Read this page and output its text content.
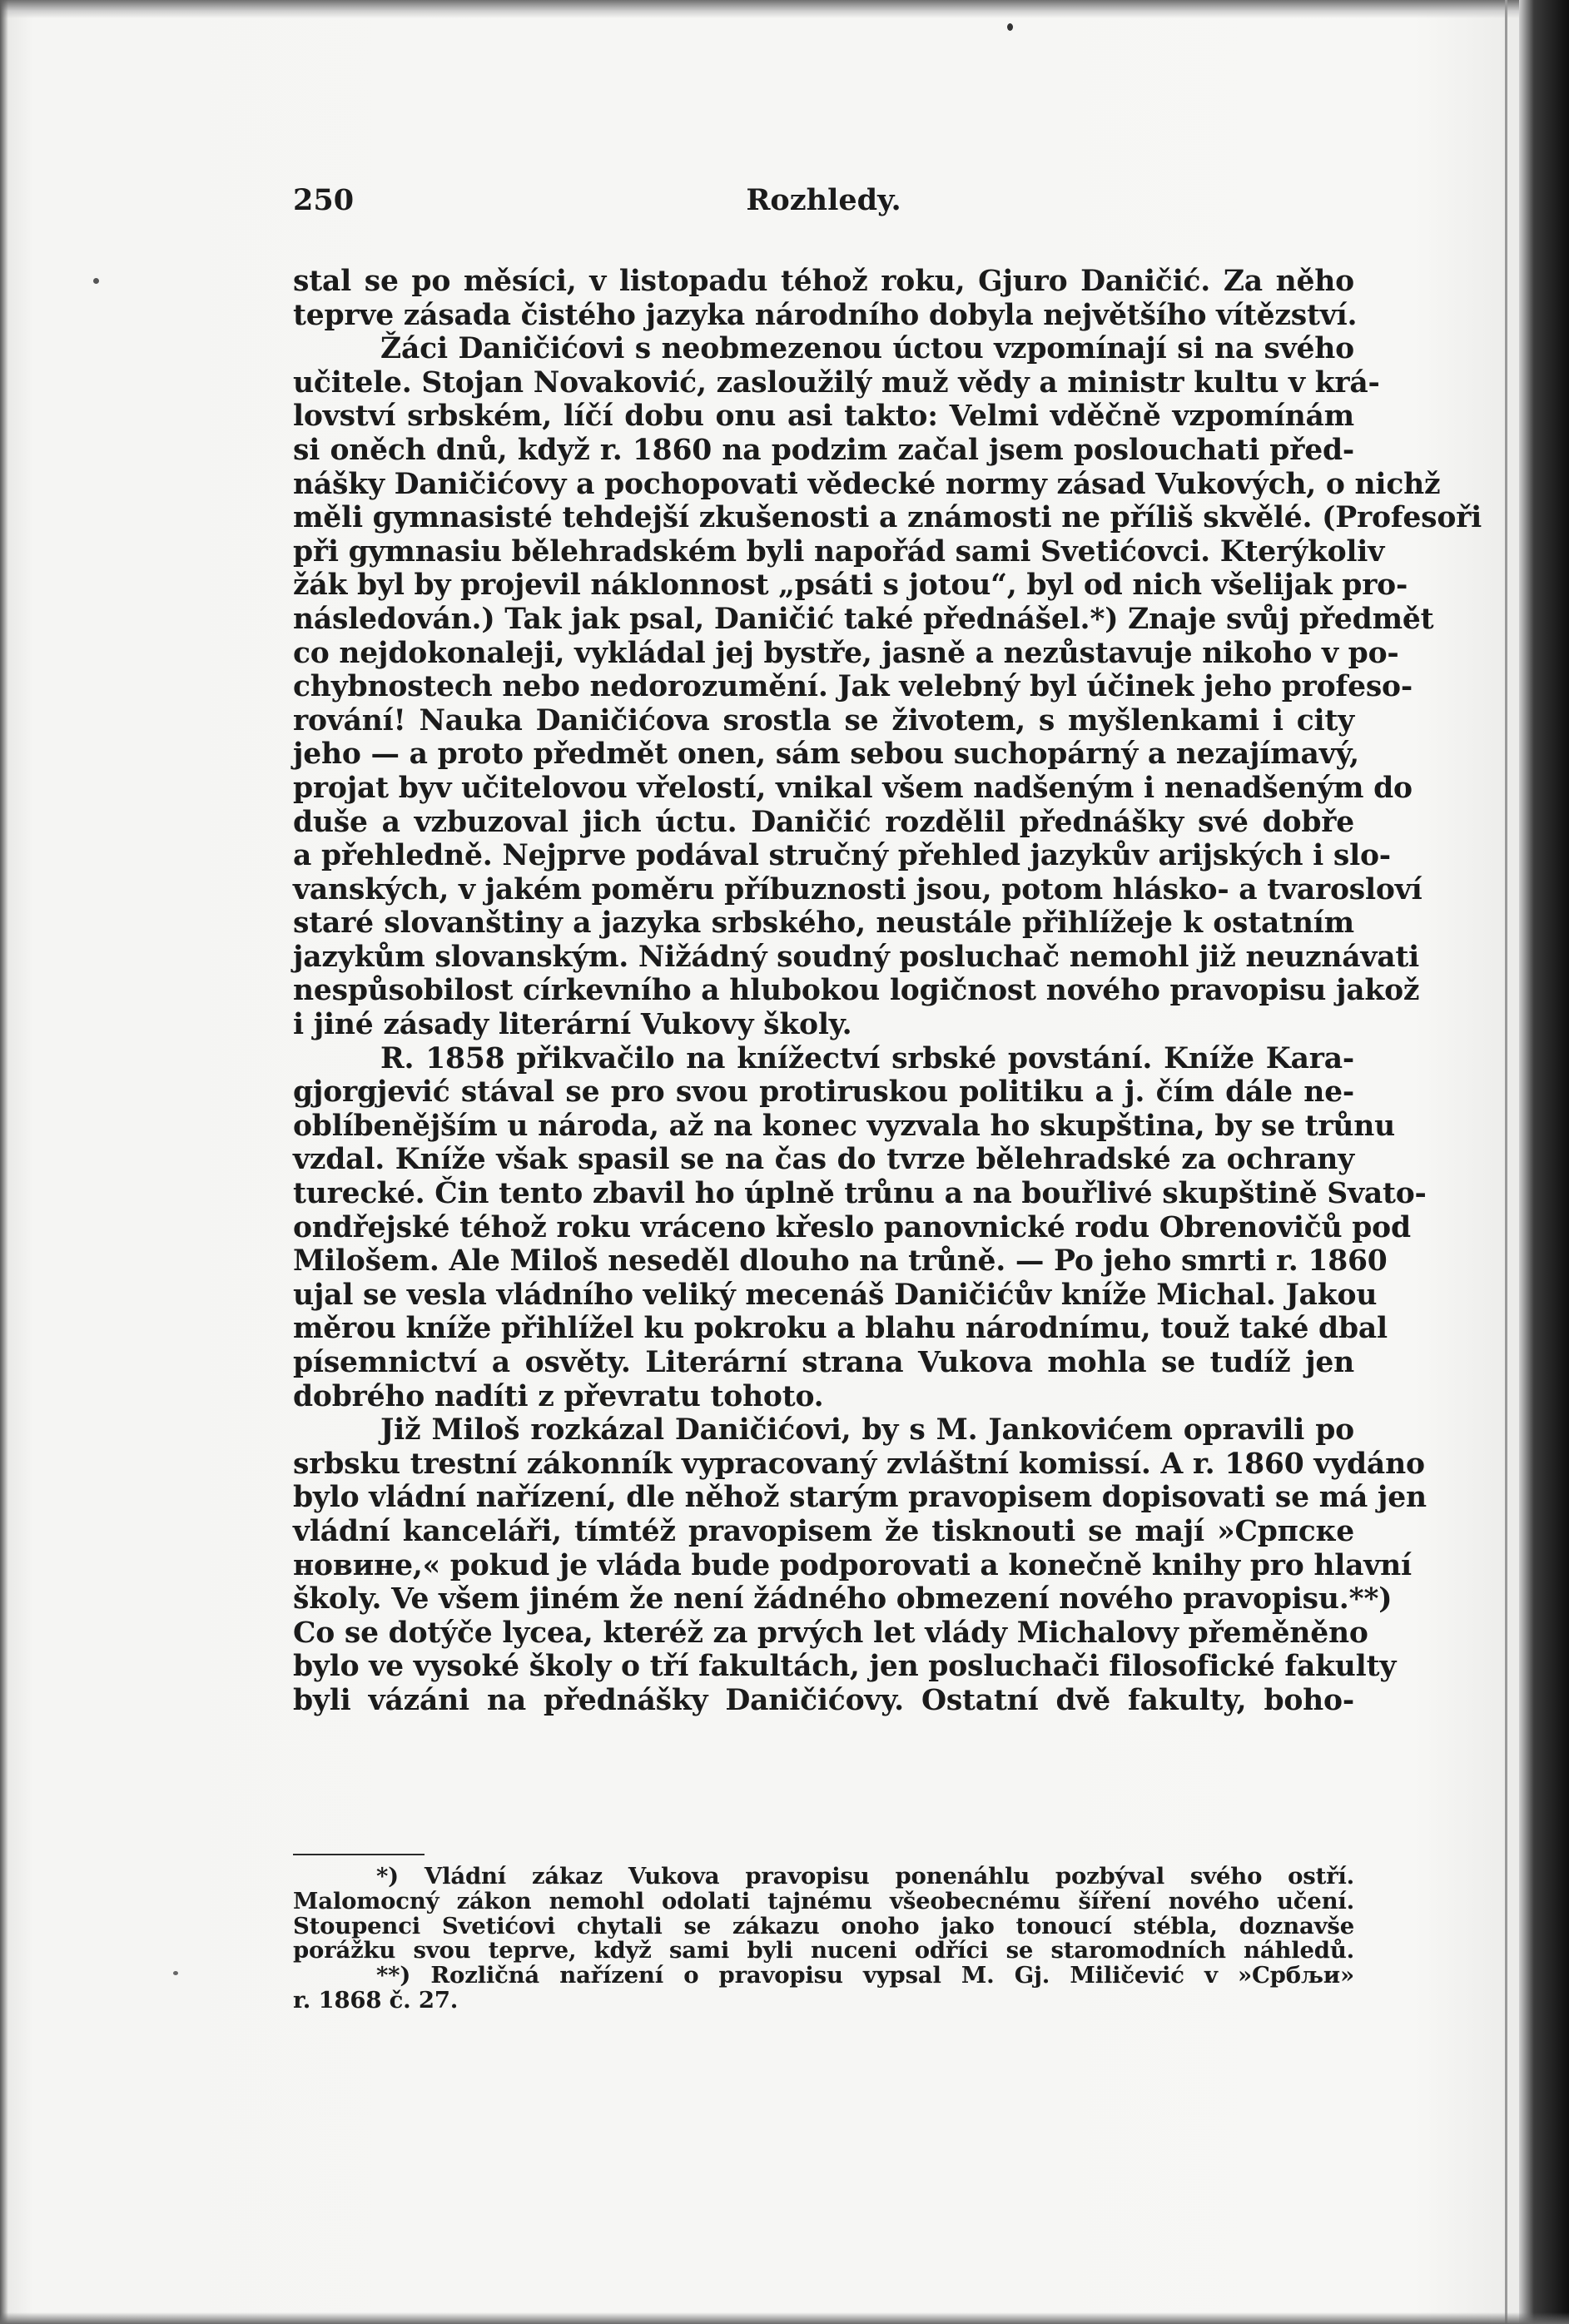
250	Rozhledy.
stal se po měsíci, v listopadu téhož roku, Gjuro Daničić. Za něho
teprve zásada čistého jazyka národního dobyla největšího vítězství.
Žáci Daničićovi s neobmezenou úctou vzpomínají si na svého
učitele. Stojan Novaković, zasloužilý muž vědy a ministr kultu v krá-
lovství srbském, líčí dobu onu asi takto: Velmi vděčně vzpomínám
si oněch dnů, když r. 1860 na podzim začal jsem poslouchati před-
nášky Daničićovy a pochopovati vědecké normy zásad Vukových, o nichž
měli gymnasisté tehdejší zkušenosti a známosti ne příliš skvělé. (Profesoři
při gymnasiu bělehradském byli napořád sami Svetićovci. Kterýkoliv
žák byl by projevil náklonnost „psáti s jotou“, byl od nich všelijak pro-
následován.) Tak jak psal, Daničić také přednášel.*) Znaje svůj předmět
co nejdokonaleji, vykládal jej bystře, jasně a nezůstavuje nikoho v po-
chybnostech nebo nedorozumění. Jak velebný byl účinek jeho profeso-
rování! Nauka Daničićova srostla se životem, s myšlenkami i city
jeho — a proto předmět onen, sám sebou suchopárný a nezajímavý,
projat byv učitelovou vřelostí, vnikal všem nadšeným i nenadšeným do
duše a vzbuzoval jich úctu. Daničić rozdělil přednášky své dobře
a přehledně. Nejprve podával stručný přehled jazykův arijských i slo-
vanských, v jakém poměru příbuznosti jsou, potom hlásko- a tvarosloví
staré slovanštiny a jazyka srbského, neustále přihlížeje k ostatním
jazykům slovanským. Nižádný soudný posluchač nemohl již neuznávati
nespůsobilost církevního a hlubokou logičnost nového pravopisu jakož
i jiné zásady literární Vukovy školy.
R. 1858 přikvačilo na knížectví srbské povstání. Kníže Kara-
gjorgjević stával se pro svou protiruskou politiku a j. čím dále ne-
oblíbenějším u národa, až na konec vyzvala ho skupština, by se trůnu
vzdal. Kníže však spasil se na čas do tvrze bělehradské za ochrany
turecké. Čin tento zbavil ho úplně trůnu a na bouřlivé skupštině Svato-
ondřejské téhož roku vráceno křeslo panovnické rodu Obrenovičů pod
Milošem. Ale Miloš neseděl dlouho na trůně. — Po jeho smrti r. 1860
ujal se vesla vládního veliký mecenáš Daničićův kníže Michal. Jakou
měrou kníže přihlížel ku pokroku a blahu národnímu, touž také dbal
písemnictví a osvěty. Literární strana Vukova mohla se tudíž jen
dobrého nadíti z převratu tohoto.
Již Miloš rozkázal Daničićovi, by s M. Jankovićem opravili po
srbsku trestní zákonník vypracovaný zvláštní komissí. A r. 1860 vydáno
bylo vládní nařízení, dle něhož starým pravopisem dopisovati se má jen
vládní kanceláři, tímtéž pravopisem že tisknouti se mají »Српске
новине,« pokud je vláda bude podporovati a konečně knihy pro hlavní
školy. Ve všem jiném že není žádného obmezení nového pravopisu.**)
Co se dotýče lycea, kteréž za prvých let vlády Michalovy přeměněno
bylo ve vysoké školy o tří fakultách, jen posluchači filosofické fakulty
byli vázáni na přednášky Daničićovy. Ostatní dvě fakulty, boho-
*) Vládní zákaz Vukova pravopisu ponenáhlu pozbýval svého ostří.
Malomocný zákon nemohl odolati tajnému všeobecnému šíření nového učení.
Stoupenci Svetićovi chytali se zákazu onoho jako tonoucí stébla, doznavše
porážku svou teprve, když sami byli nuceni odříci se staromodních náhledů.
**) Rozličná nařízení o pravopisu vypsal M. Gj. Miličević v »Србљи»
r. 1868 č. 27.
